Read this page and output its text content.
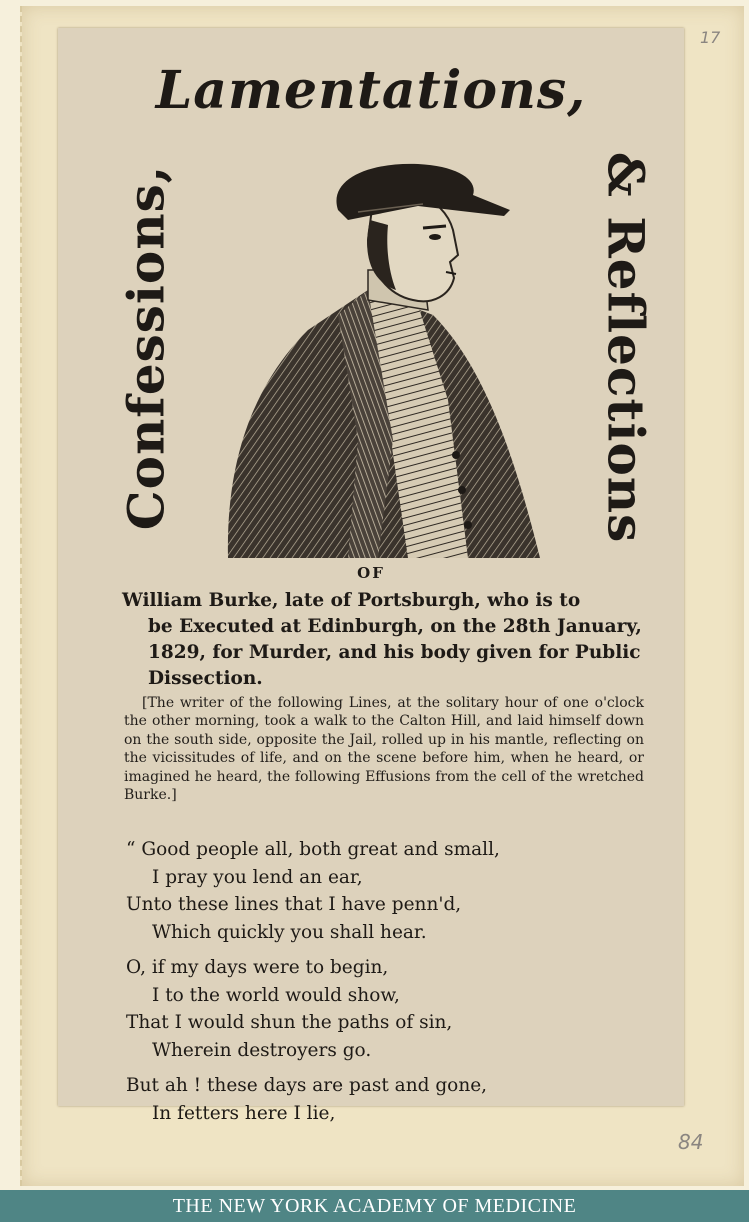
Lamentations,
Confessions,	& Reflections
OF
William Burke, late of Portsburgh, who is to
be Executed at Edinburgh, on the 28th January,
1829, for Murder, and his body given for Public
Dissection.
[The writer of the following Lines, at the solitary hour of one o'clock the other morning, took a walk to the Calton Hill, and laid himself down on the south side, opposite the Jail, rolled up in his mantle, reflecting on the vicissitudes of life, and on the scene before him, when he heard, or imagined he heard, the following Effusions from the cell of the wretched Burke.]
“ Good people all, both great and small,
I pray you lend an ear,
Unto these lines that I have penn'd,
Which quickly you shall hear.
O, if my days were to begin,
I to the world would show,
That I would shun the paths of sin,
Wherein destroyers go.
But ah ! these days are past and gone,
In fetters here I lie,
17
84
THE NEW YORK ACADEMY OF MEDICINE
